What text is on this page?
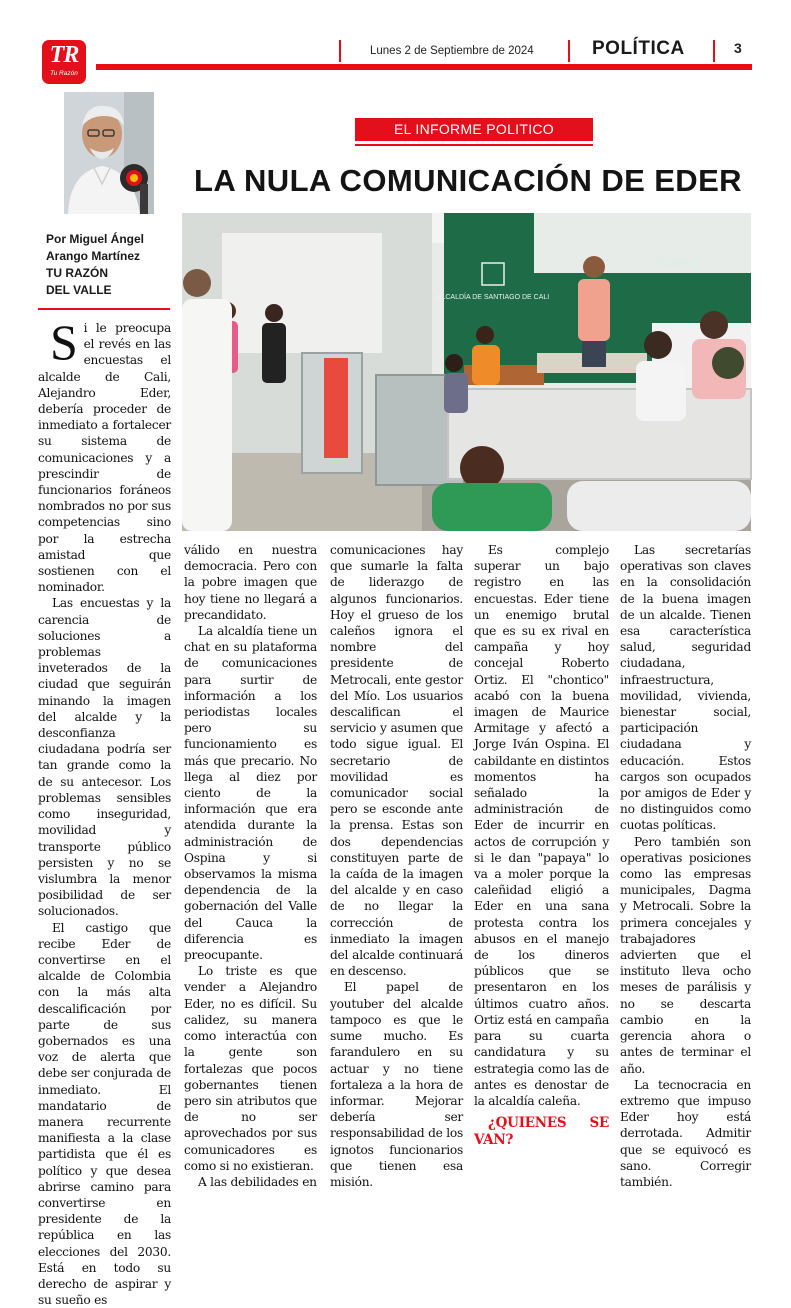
TR
Tu Razón
Lunes 2 de Septiembre de 2024	POLÍTICA	3
Por Miguel Ángel
Arango Martínez
TU RAZÓN
DEL VALLE
EL INFORME POLITICO
LA NULA COMUNICACIÓN DE EDER
ALCALDÍA DE SANTIAGO DE CALI
iones

Si le preocupa el revés en las encuestas el alcalde de Cali, Alejandro Eder, debería proceder de inmediato a fortalecer su sistema de comunicaciones y a prescindir de funcionarios foráneos nombrados no por sus competencias sino por la estrecha amistad que sostienen con el nominador.

Las encuestas y la carencia de soluciones a problemas inveterados de la ciudad que seguirán minando la imagen del alcalde y la desconfianza ciudadana podría ser tan grande como la de su antecesor. Los problemas sensibles como inseguridad, movilidad y transporte público persisten y no se vislumbra la menor posibilidad de ser solucionados.

El castigo que recibe Eder de convertirse en el alcalde de Colombia con la más alta descalificación por parte de sus gobernados es una voz de alerta que debe ser conjurada de inmediato. El mandatario de manera recurrente manifiesta a la clase partidista que él es político y que desea abrirse camino para convertirse en presidente de la república en las elecciones del 2030. Está en todo su derecho de aspirar y su sueño es

válido en nuestra democracia. Pero con la pobre imagen que hoy tiene no llegará a precandidato.

La alcaldía tiene un chat en su plataforma de comunicaciones para surtir de información a los periodistas locales pero su funcionamiento es más que precario. No llega al diez por ciento de la información que era atendida durante la administración de Ospina y si observamos la misma dependencia de la gobernación del Valle del Cauca la diferencia es preocupante.

Lo triste es que vender a Alejandro Eder, no es difícil. Su calidez, su manera como interactúa con la gente son fortalezas que pocos gobernantes tienen pero sin atributos que de no ser aprovechados por sus comunicadores es como si no existieran.

A las debilidades en

comunicaciones hay que sumarle la falta de liderazgo de algunos funcionarios. Hoy el grueso de los caleños ignora el nombre del presidente de Metrocali, ente gestor del Mío. Los usuarios descalifican el servicio y asumen que todo sigue igual. El secretario de movilidad es comunicador social pero se esconde ante la prensa. Estas son dos dependencias constituyen parte de la caída de la imagen del alcalde y en caso de no llegar la corrección de inmediato la imagen del alcalde continuará en descenso.

El papel de youtuber del alcalde tampoco es que le sume mucho. Es farandulero en su actuar y no tiene fortaleza a la hora de informar. Mejorar debería ser responsabilidad de los ignotos funcionarios que tienen esa misión.

Es complejo superar un bajo registro en las encuestas. Eder tiene un enemigo brutal que es su ex rival en campaña y hoy concejal Roberto Ortiz. El "chontico" acabó con la buena imagen de Maurice Armitage y afectó a Jorge Iván Ospina. El cabildante en distintos momentos ha señalado la administración de Eder de incurrir en actos de corrupción y si le dan "papaya" lo va a moler porque la caleñidad eligió a Eder en una sana protesta contra los abusos en el manejo de los dineros públicos que se presentaron en los últimos cuatro años. Ortiz está en campaña para su cuarta candidatura y su estrategia como las de antes es denostar de la alcaldía caleña.

¿QUIENES SE VAN?

Las secretarías operativas son claves en la consolidación de la buena imagen de un alcalde. Tienen esa característica salud, seguridad ciudadana, infraestructura, movilidad, vivienda, bienestar social, participación ciudadana y educación. Estos cargos son ocupados por amigos de Eder y no distinguidos como cuotas políticas.

Pero también son operativas posiciones como las empresas municipales, Dagma y Metrocali. Sobre la primera concejales y trabajadores advierten que el instituto lleva ocho meses de parálisis y no se descarta cambio en la gerencia ahora o antes de terminar el año.

La tecnocracia en extremo que impuso Eder hoy está derrotada. Admitir que se equivocó es sano. Corregir también.
